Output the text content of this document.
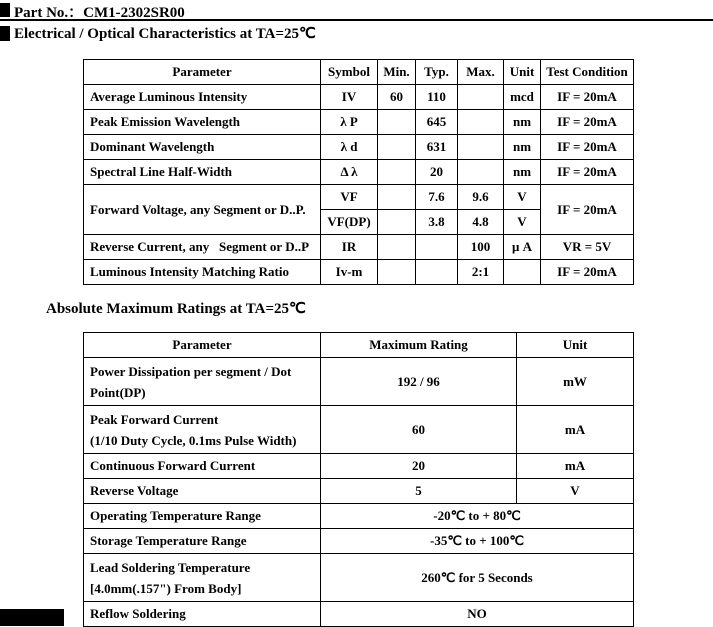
Part No.：CM1-2302SR00
Electrical / Optical Characteristics at TA=25℃
Parameter	Symbol	Min.	Typ.	Max.	Unit	Test Condition
Average Luminous Intensity	IV	60	110		mcd	IF = 20mA
Peak Emission Wavelength	λ P		645		nm	IF = 20mA
Dominant Wavelength	λ d		631		nm	IF = 20mA
Spectral Line Half-Width	Δ λ		20		nm	IF = 20mA
Forward Voltage, any Segment or D..P.	VF		7.6	9.6	V	IF = 20mA
	VF(DP)		3.8	4.8	V	
Reverse Current, any   Segment or D..P	IR			100	μ A	VR = 5V
Luminous Intensity Matching Ratio	Iv-m			2:1		IF = 20mA
Absolute Maximum Ratings at TA=25℃
Parameter	Maximum Rating	Unit

Power Dissipation per segment / Dot
Point(DP)	192 / 96	mW

Peak Forward Current
(1/10 Duty Cycle, 0.1ms Pulse Width)	60	mA
Continuous Forward Current	20	mA
Reverse Voltage	5	V
Operating Temperature Range	-20℃ to + 80℃	
Storage Temperature Range	-35℃ to + 100℃	

Lead Soldering Temperature
[4.0mm(.157") From Body]	260℃ for 5 Seconds	
Reflow Soldering	NO	
